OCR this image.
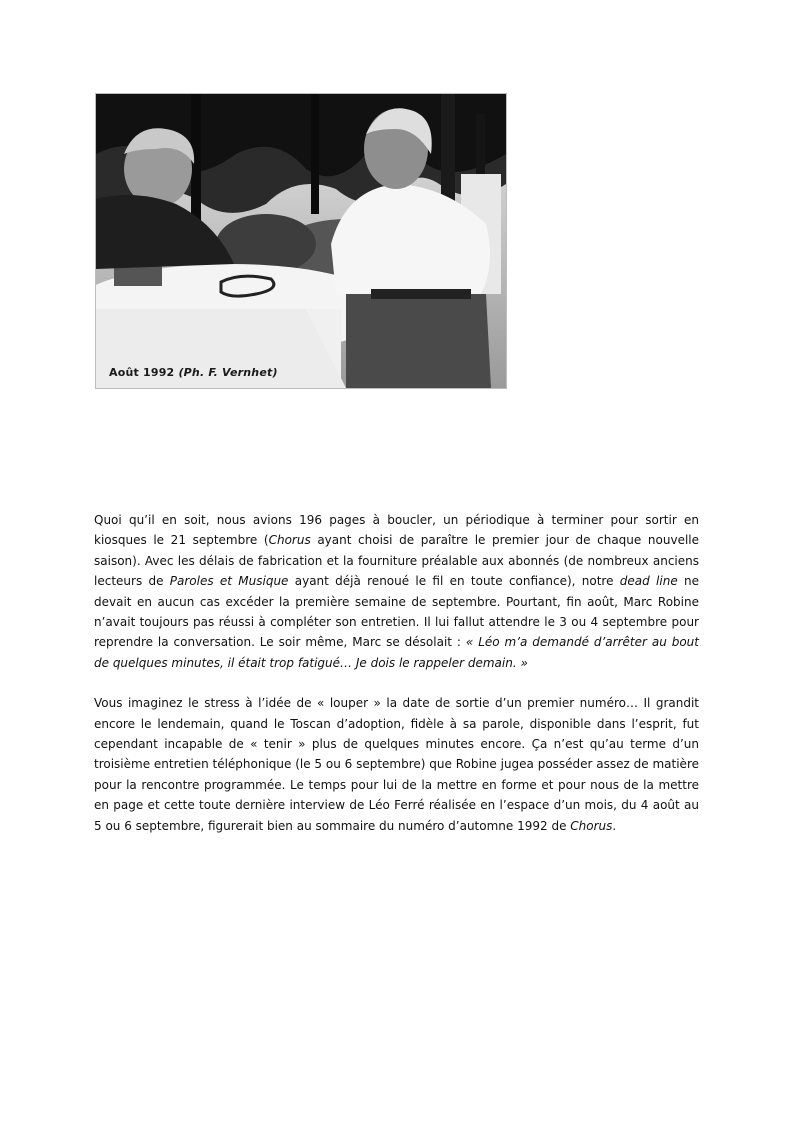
Août 1992 (Ph. F. Vernhet)

Quoi qu’il en soit, nous avions 196 pages à boucler, un périodique à terminer pour sortir en kiosques le 21 septembre (Chorus ayant choisi de paraître le premier jour de chaque nouvelle saison). Avec les délais de fabrication et la fourniture préalable aux abonnés (de nombreux anciens lecteurs de Paroles et Musique ayant déjà renoué le fil en toute confiance), notre dead line ne devait en aucun cas excéder la première semaine de septembre. Pourtant, fin août, Marc Robine n’avait toujours pas réussi à compléter son entretien. Il lui fallut attendre le 3 ou 4 septembre pour reprendre la conversation. Le soir même, Marc se désolait : « Léo m’a demandé d’arrêter au bout de quelques minutes, il était trop fatigué… Je dois le rappeler demain. »

Vous imaginez le stress à l’idée de « louper » la date de sortie d’un premier numéro… Il grandit encore le lendemain, quand le Toscan d’adoption, fidèle à sa parole, disponible dans l’esprit, fut cependant incapable de « tenir » plus de quelques minutes encore. Ça n’est qu’au terme d’un troisième entretien téléphonique (le 5 ou 6 septembre) que Robine jugea posséder assez de matière pour la rencontre programmée. Le temps pour lui de la mettre en forme et pour nous de la mettre en page et cette toute dernière interview de Léo Ferré réalisée en l’espace d’un mois, du 4 août au 5 ou 6 septembre, figurerait bien au sommaire du numéro d’automne 1992 de Chorus.
